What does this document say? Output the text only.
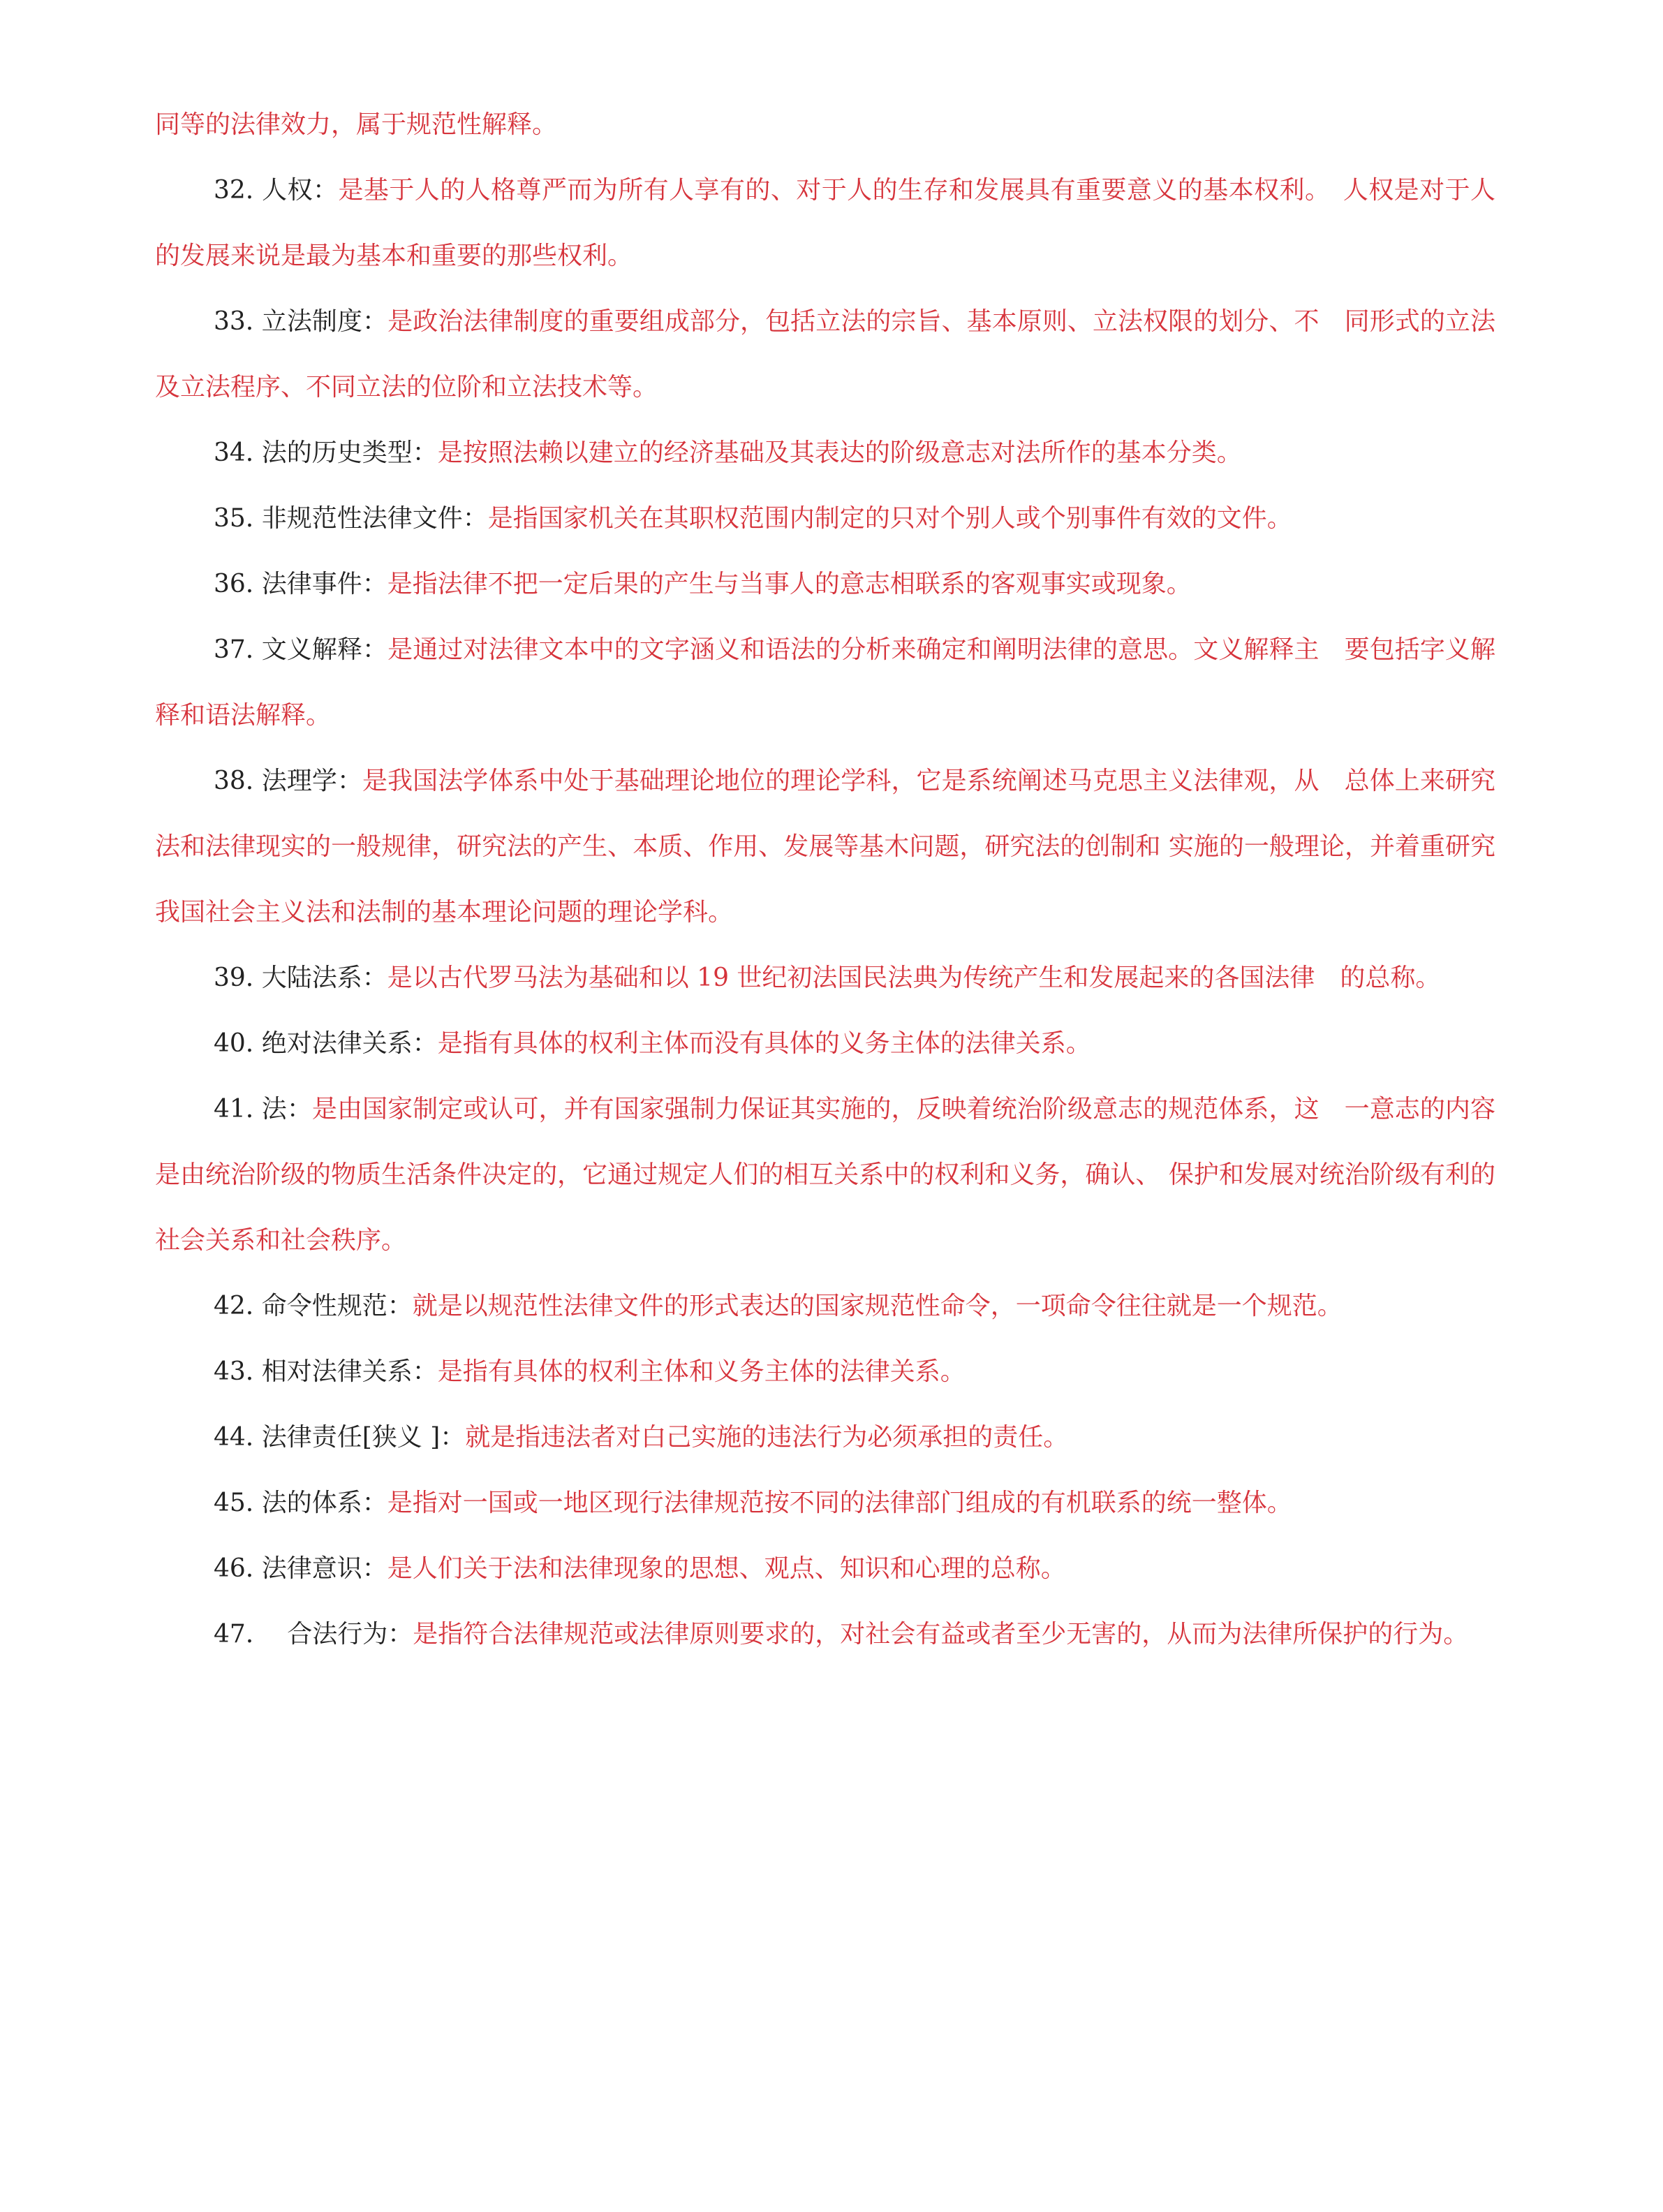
同等的法律效力，属于规范性解释。

32. 人权：是基于人的人格尊严而为所有人享有的、对于人的生存和发展具有重要意义的基本权利。　人权是对于人的发展来说是最为基本和重要的那些权利。

33. 立法制度：是政治法律制度的重要组成部分，包括立法的宗旨、基本原则、立法权限的划分、不　同形式的立法及立法程序、不同立法的位阶和立法技术等。

34. 法的历史类型：是按照法赖以建立的经济基础及其表达的阶级意志对法所作的基本分类。

35. 非规范性法律文件：是指国家机关在其职权范围内制定的只对个别人或个别事件有效的文件。

36. 法律事件：是指法律不把一定后果的产生与当事人的意志相联系的客观事实或现象。

37. 文义解释：是通过对法律文本中的文字涵义和语法的分析来确定和阐明法律的意思。文义解释主　要包括字义解释和语法解释。

38. 法理学：是我国法学体系中处于基础理论地位的理论学科，它是系统阐述马克思主义法律观，从　总体上来研究法和法律现实的一般规律，研究法的产生、本质、作用、发展等基木问题，研究法的创制和 实施的一般理论，并着重研究我国社会主义法和法制的基本理论问题的理论学科。

39. 大陆法系：是以古代罗马法为基础和以 19 世纪初法国民法典为传统产生和发展起来的各国法律　的总称。

40. 绝对法律关系：是指有具体的权利主体而没有具体的义务主体的法律关系。

41. 法：是由国家制定或认可，并有国家强制力保证其实施的，反映着统治阶级意志的规范体系，这　一意志的内容是由统治阶级的物质生活条件决定的，它通过规定人们的相互关系中的权利和义务，确认、 保护和发展对统治阶级有利的社会关系和社会秩序。

42. 命令性规范：就是以规范性法律文件的形式表达的国家规范性命令，一项命令往往就是一个规范。

43. 相对法律关系：是指有具体的权利主体和义务主体的法律关系。

44. 法律责任[狭义 ]：就是指违法者对白己实施的违法行为必须承担的责任。

45. 法的体系：是指对一国或一地区现行法律规范按不同的法律部门组成的有机联系的统一整体。

46. 法律意识：是人们关于法和法律现象的思想、观点、知识和心理的总称。

47. 合法行为：是指符合法律规范或法律原则要求的，对社会有益或者至少无害的，从而为法律所保护的行为。
